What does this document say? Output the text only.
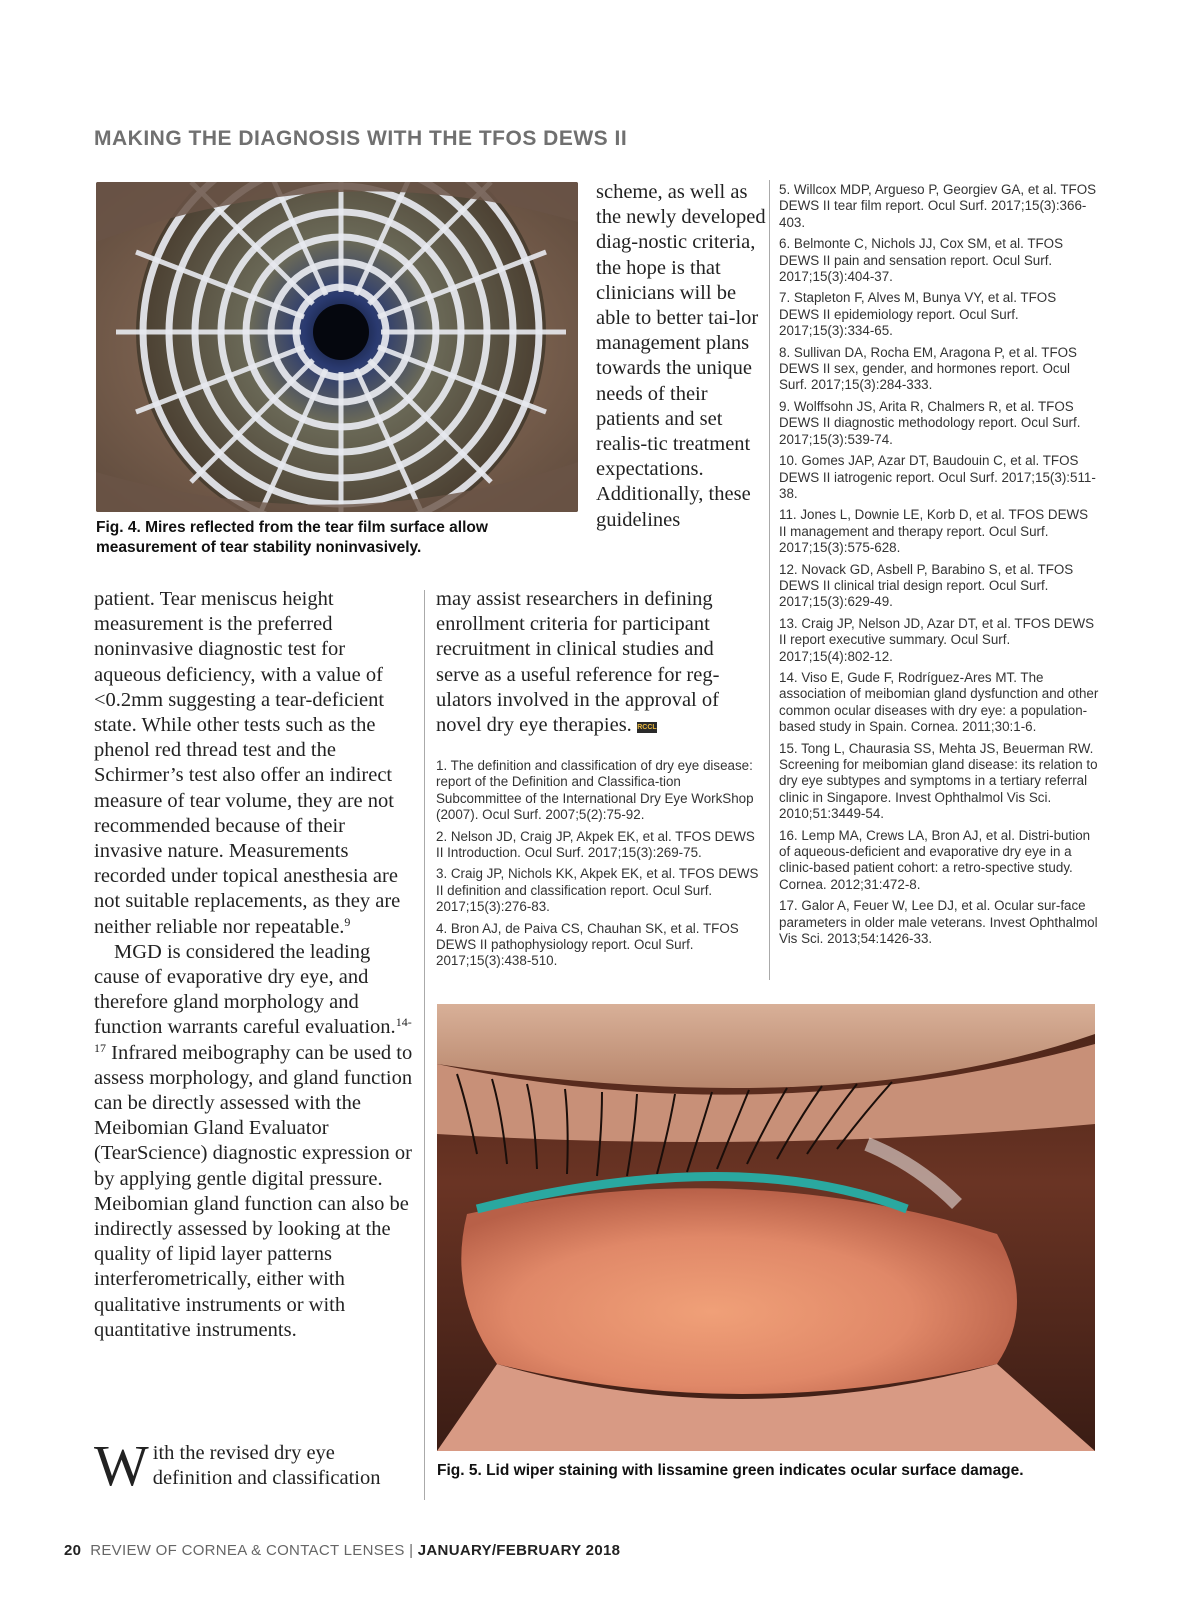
MAKING THE DIAGNOSIS WITH THE TFOS DEWS II
Fig. 4. Mires reflected from the tear film surface allow measurement of tear stability noninvasively.

scheme, as well as the newly developed diag-nostic criteria, the hope is that clinicians will be able to better tai-lor management plans towards the unique needs of their patients and set realis-tic treatment expectations. Additionally, these guidelines

5. Willcox MDP, Argueso P, Georgiev GA, et al. TFOS DEWS II tear film report. Ocul Surf. 2017;15(3):366-403.
6. Belmonte C, Nichols JJ, Cox SM, et al. TFOS DEWS II pain and sensation report. Ocul Surf. 2017;15(3):404-37.
7. Stapleton F, Alves M, Bunya VY, et al. TFOS DEWS II epidemiology report. Ocul Surf. 2017;15(3):334-65.
8. Sullivan DA, Rocha EM, Aragona P, et al. TFOS DEWS II sex, gender, and hormones report. Ocul Surf. 2017;15(3):284-333.
9. Wolffsohn JS, Arita R, Chalmers R, et al. TFOS DEWS II diagnostic methodology report. Ocul Surf. 2017;15(3):539-74.
10. Gomes JAP, Azar DT, Baudouin C, et al. TFOS DEWS II iatrogenic report. Ocul Surf. 2017;15(3):511-38.
11. Jones L, Downie LE, Korb D, et al. TFOS DEWS II management and therapy report. Ocul Surf. 2017;15(3):575-628.
12. Novack GD, Asbell P, Barabino S, et al. TFOS DEWS II clinical trial design report. Ocul Surf. 2017;15(3):629-49.
13. Craig JP, Nelson JD, Azar DT, et al. TFOS DEWS II report executive summary. Ocul Surf. 2017;15(4):802-12.
14. Viso E, Gude F, Rodríguez-Ares MT. The association of meibomian gland dysfunction and other common ocular diseases with dry eye: a population-based study in Spain. Cornea. 2011;30:1-6.
15. Tong L, Chaurasia SS, Mehta JS, Beuerman RW. Screening for meibomian gland disease: its relation to dry eye subtypes and symptoms in a tertiary referral clinic in Singapore. Invest Ophthalmol Vis Sci. 2010;51:3449-54.
16. Lemp MA, Crews LA, Bron AJ, et al. Distri-bution of aqueous-deficient and evaporative dry eye in a clinic-based patient cohort: a retro-spective study. Cornea. 2012;31:472-8.
17. Galor A, Feuer W, Lee DJ, et al. Ocular sur-face parameters in older male veterans. Invest Ophthalmol Vis Sci. 2013;54:1426-33.

patient. Tear meniscus height measurement is the preferred noninvasive diagnostic test for aqueous deficiency, with a value of <0.2mm suggesting a tear-deficient state. While other tests such as the phenol red thread test and the Schirmer’s test also offer an indirect measure of tear volume, they are not recommended because of their invasive nature. Measurements recorded under topical anesthesia are not suitable replacements, as they are neither reliable nor repeatable.$^9$

MGD is considered the leading cause of evaporative dry eye, and therefore gland morphology and function warrants careful evaluation.$^{14-17}$ Infrared meibography can be used to assess morphology, and gland function can be directly assessed with the Meibomian Gland Evaluator (TearScience) diagnostic expression or by applying gentle digital pressure. Meibomian gland function can also be indirectly assessed by looking at the quality of lipid layer patterns interferometrically, either with qualitative instruments or with quantitative instruments.

With the revised dry eye definition and classification

may assist researchers in defining enrollment criteria for participant recruitment in clinical studies and serve as a useful reference for reg-ulators involved in the approval of novel dry eye therapies. RCCL

1. The definition and classification of dry eye disease: report of the Definition and Classifica-tion Subcommittee of the International Dry Eye WorkShop (2007). Ocul Surf. 2007;5(2):75-92.
2. Nelson JD, Craig JP, Akpek EK, et al. TFOS DEWS II Introduction. Ocul Surf. 2017;15(3):269-75.
3. Craig JP, Nichols KK, Akpek EK, et al. TFOS DEWS II definition and classification report. Ocul Surf. 2017;15(3):276-83.
4. Bron AJ, de Paiva CS, Chauhan SK, et al. TFOS DEWS II pathophysiology report. Ocul Surf. 2017;15(3):438-510.
Fig. 5. Lid wiper staining with lissamine green indicates ocular surface damage.
20 REVIEW OF CORNEA & CONTACT LENSES | JANUARY/FEBRUARY 2018
